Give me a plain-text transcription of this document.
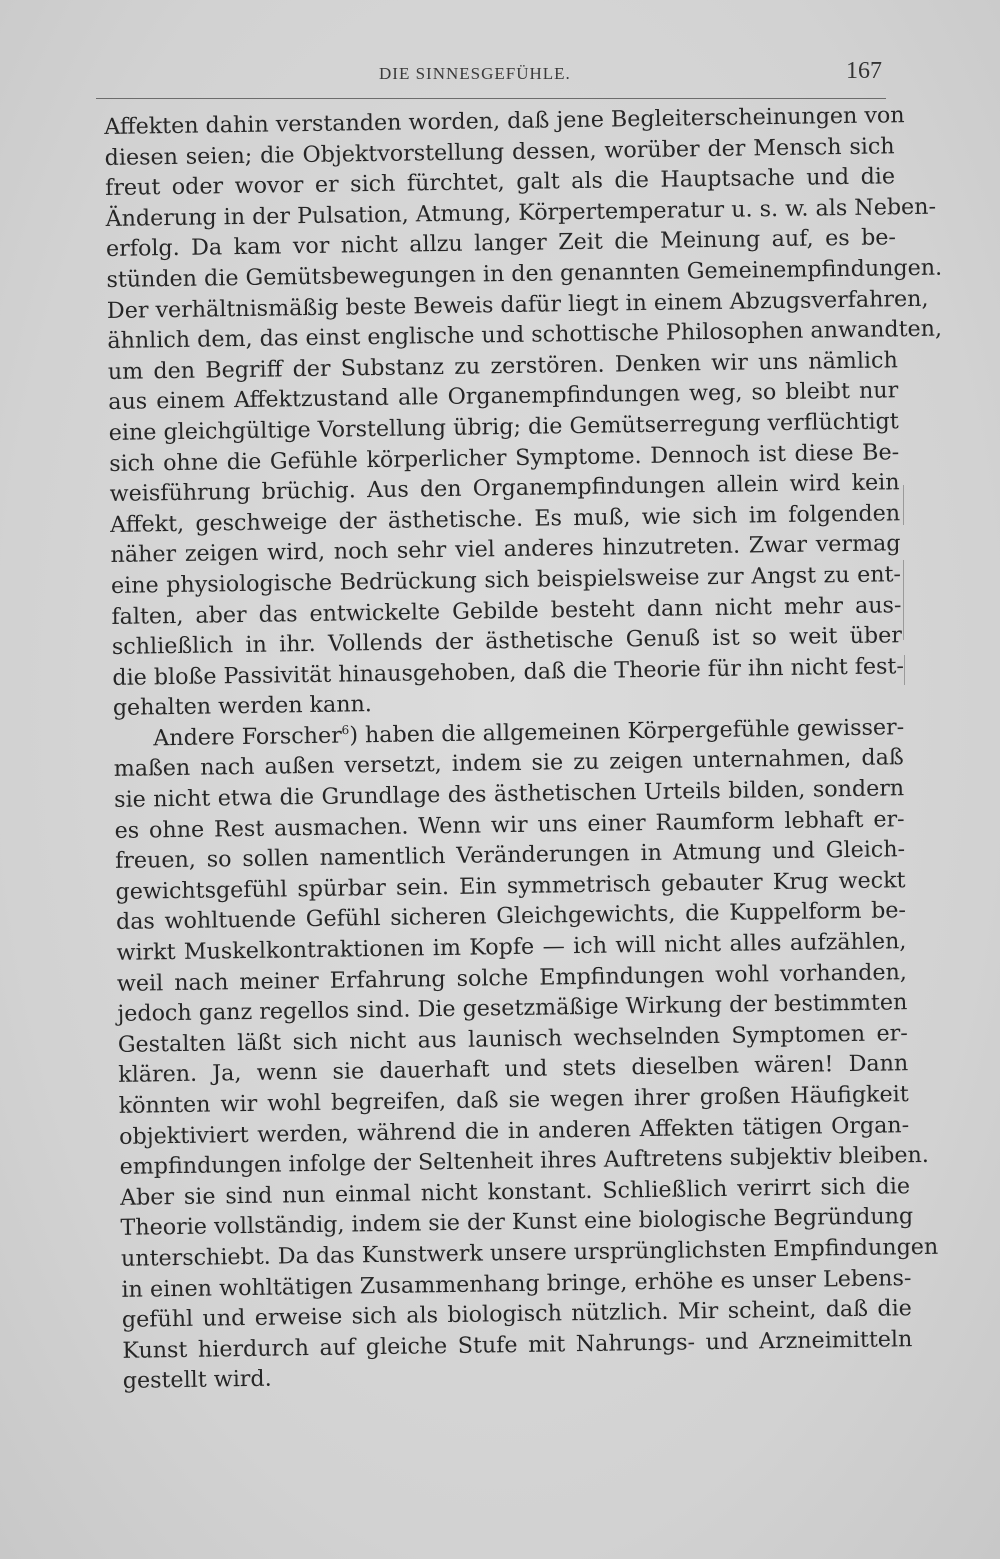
DIE SINNESGEFÜHLE.	167
Affekten dahin verstanden worden, daß jene Begleiterscheinungen von
diesen seien; die Objektvorstellung dessen, worüber der Mensch sich
freut oder wovor er sich fürchtet, galt als die Hauptsache und die
Änderung in der Pulsation, Atmung, Körpertemperatur u. s. w. als Neben-
erfolg. Da kam vor nicht allzu langer Zeit die Meinung auf, es be-
stünden die Gemütsbewegungen in den genannten Gemeinempfindungen.
Der verhältnismäßig beste Beweis dafür liegt in einem Abzugsverfahren,
ähnlich dem, das einst englische und schottische Philosophen anwandten,
um den Begriff der Substanz zu zerstören. Denken wir uns nämlich
aus einem Affektzustand alle Organempfindungen weg, so bleibt nur
eine gleichgültige Vorstellung übrig; die Gemütserregung verflüchtigt
sich ohne die Gefühle körperlicher Symptome. Dennoch ist diese Be-
weisführung brüchig. Aus den Organempfindungen allein wird kein
Affekt, geschweige der ästhetische. Es muß, wie sich im folgenden
näher zeigen wird, noch sehr viel anderes hinzutreten. Zwar vermag
eine physiologische Bedrückung sich beispielsweise zur Angst zu ent-
falten, aber das entwickelte Gebilde besteht dann nicht mehr aus-
schließlich in ihr. Vollends der ästhetische Genuß ist so weit über
die bloße Passivität hinausgehoben, daß die Theorie für ihn nicht fest-
gehalten werden kann.
Andere Forscher$^6$) haben die allgemeinen Körpergefühle gewisser-
maßen nach außen versetzt, indem sie zu zeigen unternahmen, daß
sie nicht etwa die Grundlage des ästhetischen Urteils bilden, sondern
es ohne Rest ausmachen. Wenn wir uns einer Raumform lebhaft er-
freuen, so sollen namentlich Veränderungen in Atmung und Gleich-
gewichtsgefühl spürbar sein. Ein symmetrisch gebauter Krug weckt
das wohltuende Gefühl sicheren Gleichgewichts, die Kuppelform be-
wirkt Muskelkontraktionen im Kopfe — ich will nicht alles aufzählen,
weil nach meiner Erfahrung solche Empfindungen wohl vorhanden,
jedoch ganz regellos sind. Die gesetzmäßige Wirkung der bestimmten
Gestalten läßt sich nicht aus launisch wechselnden Symptomen er-
klären. Ja, wenn sie dauerhaft und stets dieselben wären! Dann
könnten wir wohl begreifen, daß sie wegen ihrer großen Häufigkeit
objektiviert werden, während die in anderen Affekten tätigen Organ-
empfindungen infolge der Seltenheit ihres Auftretens subjektiv bleiben.
Aber sie sind nun einmal nicht konstant. Schließlich verirrt sich die
Theorie vollständig, indem sie der Kunst eine biologische Begründung
unterschiebt. Da das Kunstwerk unsere ursprünglichsten Empfindungen
in einen wohltätigen Zusammenhang bringe, erhöhe es unser Lebens-
gefühl und erweise sich als biologisch nützlich. Mir scheint, daß die
Kunst hierdurch auf gleiche Stufe mit Nahrungs- und Arzneimitteln
gestellt wird.
